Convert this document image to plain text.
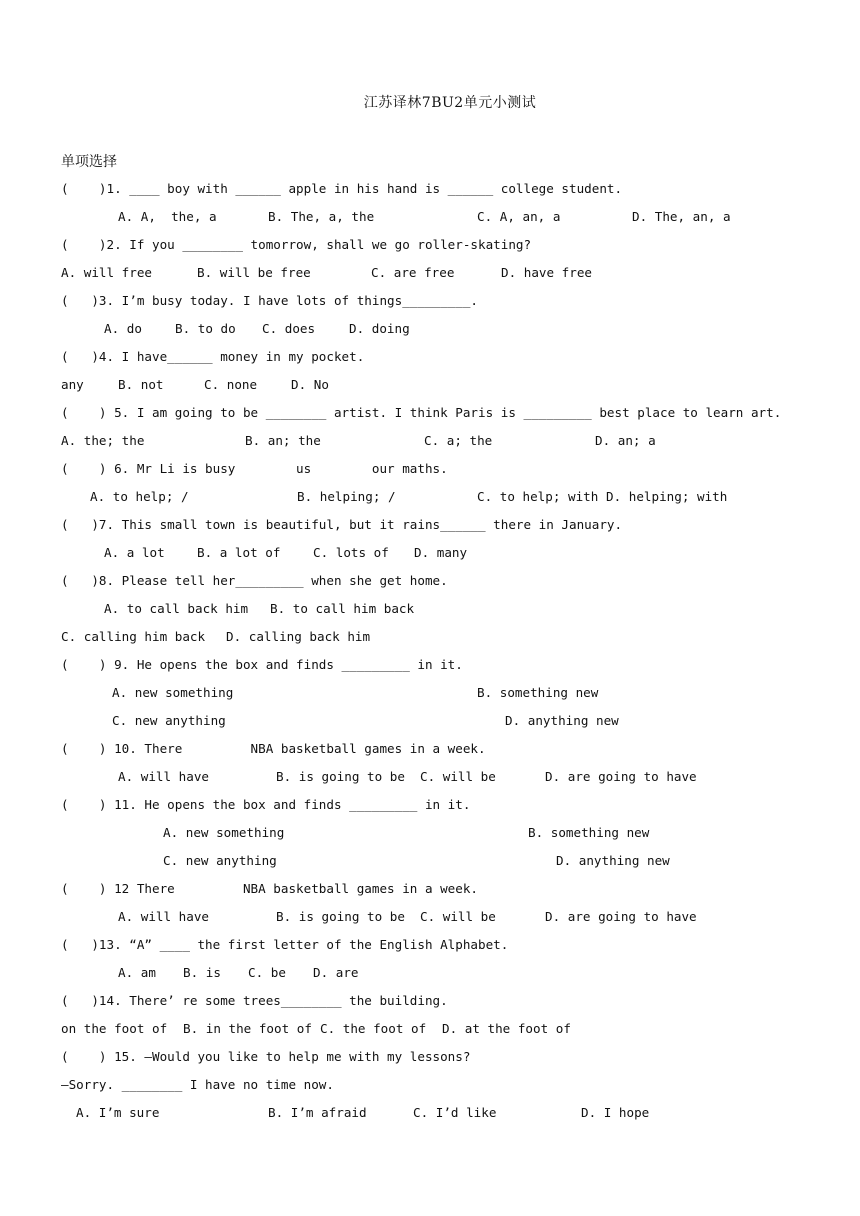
江苏译林7BU2单元小测试
单项选择
(    )1. ____ boy with ______ apple in his hand is ______ college student.
A. A,  the, a	B. The, a, the	C. A, an, a	D. The, an, a
(    )2. If you ________ tomorrow, shall we go roller-skating?
A. will free	B. will be free	C. are free	D. have free
(   )3. I’m busy today. I have lots of things_________.
A. do	B. to do C. does	D. doing
(   )4. I have______ money in my pocket.
any	B. not	C. none	D. No
(    ) 5. I am going to be ________ artist. I think Paris is _________ best place to learn art.
A. the; the	B. an; the	C. a; the	D. an; a
(    ) 6. Mr Li is busy        us        our maths.
A. to help; /	B. helping; /	C. to help; with D. helping; with
(   )7. This small town is beautiful, but it rains______ there in January.
A. a lot	B. a lot of	C. lots of D. many
(   )8. Please tell her_________ when she get home.
A. to call back him B. to call him back
C. calling him back D. calling back him
(    ) 9. He opens the box and finds _________ in it.
A. new something	B. something new
C. new anything	D. anything new
(    ) 10. There         NBA basketball games in a week.
A. will have	B. is going to be C. will be	D. are going to have
(    ) 11. He opens the box and finds _________ in it.
A. new something	B. something new
C. new anything	D. anything new
(    ) 12 There         NBA basketball games in a week.
A. will have	B. is going to be C. will be	D. are going to have
(   )13. “A” ____ the first letter of the English Alphabet.
A. am B. is C. be D. are
(   )14. There’ re some trees________ the building.
on the foot of B. in the foot of C. the foot of D. at the foot of
(    ) 15. —Would you like to help me with my lessons?
—Sorry. ________ I have no time now.
A. I’m sure	B. I’m afraid	C. I’d like	D. I hope
